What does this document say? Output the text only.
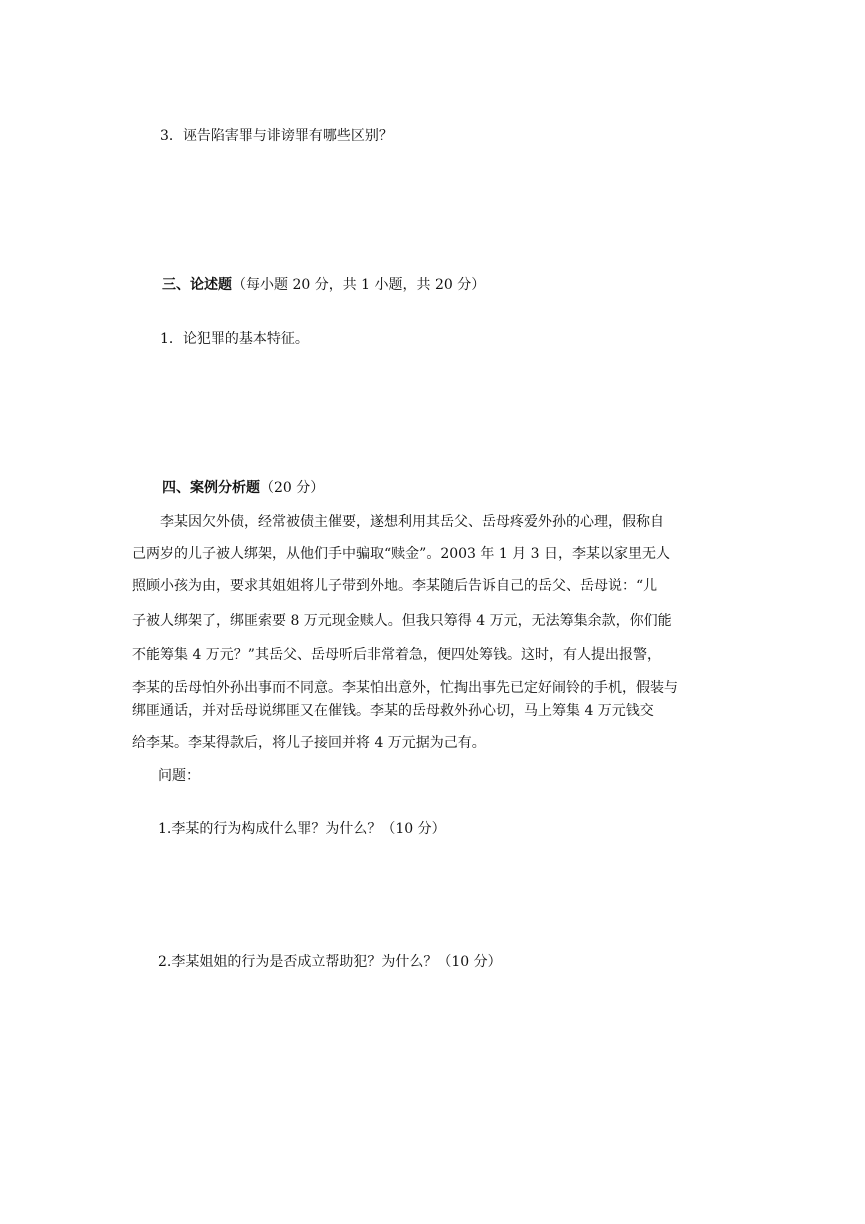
3．诬告陷害罪与诽谤罪有哪些区别？
三、论述题（每小题 20 分，共 1 小题，共 20 分）
1．论犯罪的基本特征。
四、案例分析题（20 分）
李某因欠外债，经常被债主催要，遂想利用其岳父、岳母疼爱外孙的心理，假称自
己两岁的儿子被人绑架，从他们手中骗取“赎金”。2003 年 1 月 3 日，李某以家里无人
照顾小孩为由，要求其姐姐将儿子带到外地。李某随后告诉自己的岳父、岳母说：“儿
子被人绑架了，绑匪索要 8 万元现金赎人。但我只筹得 4 万元，无法筹集余款，你们能
不能筹集 4 万元？”其岳父、岳母听后非常着急，便四处筹钱。这时，有人提出报警，
李某的岳母怕外孙出事而不同意。李某怕出意外，忙掏出事先已定好闹铃的手机，假装与
绑匪通话，并对岳母说绑匪又在催钱。李某的岳母救外孙心切，马上筹集 4 万元钱交
给李某。李某得款后，将儿子接回并将 4 万元据为己有。
问题：
1.李某的行为构成什么罪？为什么？（10 分）
2.李某姐姐的行为是否成立帮助犯？为什么？（10 分）
